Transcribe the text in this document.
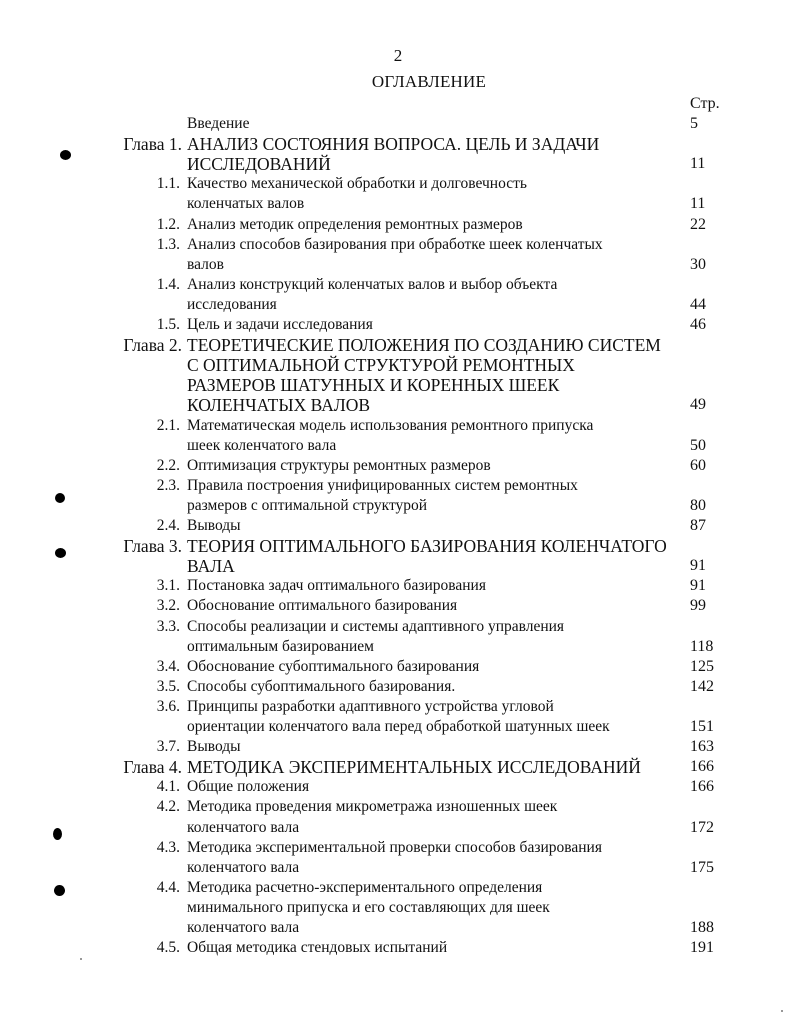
2
ОГЛАВЛЕНИЕ
Стр.
Введение	5
Глава 1. АНАЛИЗ СОСТОЯНИЯ ВОПРОСА. ЦЕЛЬ И ЗАДАЧИ
ИССЛЕДОВАНИЙ	11
1.1. Качество механической обработки и долговечность
коленчатых валов	11
1.2. Анализ методик определения ремонтных размеров	22
1.3. Анализ способов базирования при обработке шеек коленчатых
валов	30
1.4. Анализ конструкций коленчатых валов и выбор объекта
исследования	44
1.5. Цель и задачи исследования	46
Глава 2. ТЕОРЕТИЧЕСКИЕ ПОЛОЖЕНИЯ ПО СОЗДАНИЮ СИСТЕМ
С ОПТИМАЛЬНОЙ СТРУКТУРОЙ РЕМОНТНЫХ
РАЗМЕРОВ ШАТУННЫХ И КОРЕННЫХ ШЕЕК
КОЛЕНЧАТЫХ ВАЛОВ	49
2.1. Математическая модель использования ремонтного припуска
шеек коленчатого вала	50
2.2. Оптимизация структуры ремонтных размеров	60
2.3. Правила построения унифицированных систем ремонтных
размеров с оптимальной структурой	80
2.4. Выводы	87
Глава 3. ТЕОРИЯ ОПТИМАЛЬНОГО БАЗИРОВАНИЯ КОЛЕНЧАТОГО
ВАЛА	91
3.1. Постановка задач оптимального базирования	91
3.2. Обоснование оптимального базирования	99
3.3. Способы реализации и системы адаптивного управления
оптимальным базированием	118
3.4. Обоснование субоптимального базирования	125
3.5. Способы субоптимального базирования.	142
3.6. Принципы разработки адаптивного устройства угловой
ориентации коленчатого вала перед обработкой шатунных шеек	151
3.7. Выводы	163
Глава 4. МЕТОДИКА ЭКСПЕРИМЕНТАЛЬНЫХ ИССЛЕДОВАНИЙ	166
4.1. Общие положения	166
4.2. Методика проведения микрометража изношенных шеек
коленчатого вала	172
4.3. Методика экспериментальной проверки способов базирования
коленчатого вала	175
4.4. Методика расчетно-экспериментального определения
минимального припуска и его составляющих для шеек
коленчатого вала	188
4.5. Общая методика стендовых испытаний	191
